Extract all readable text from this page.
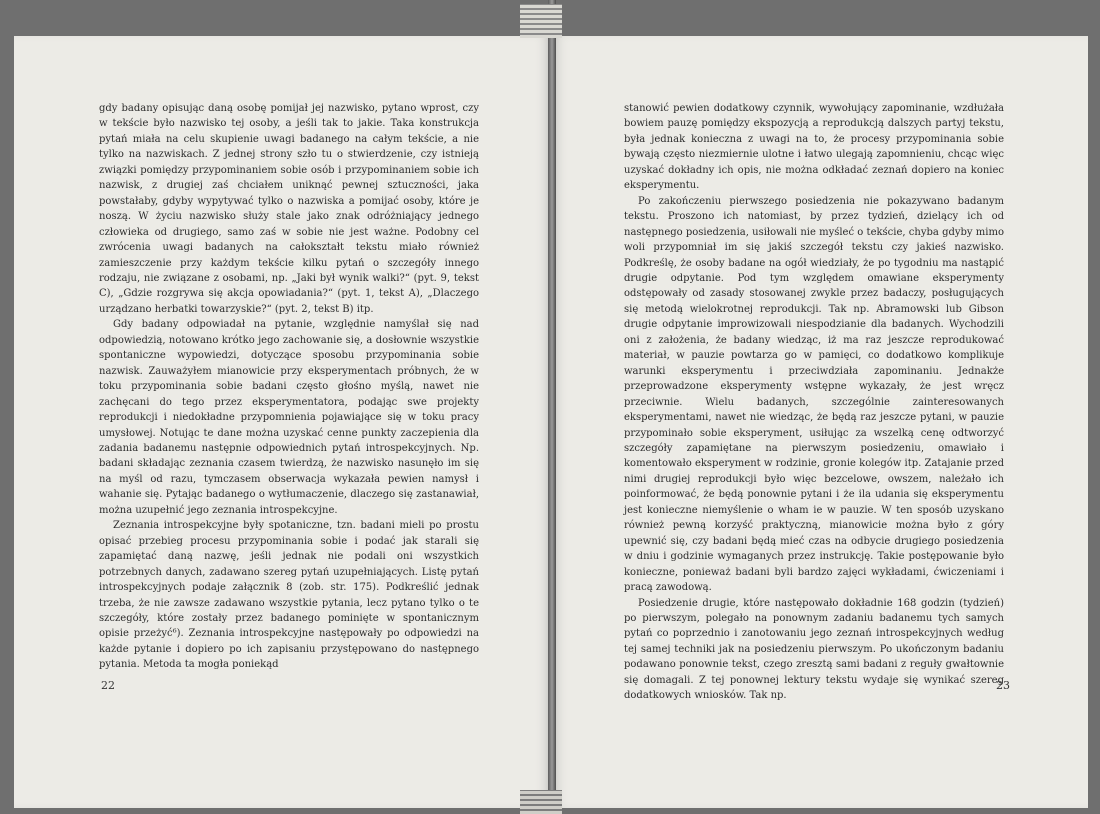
gdy badany opisując daną osobę pomijał jej nazwisko, pytano wprost, czy w tekście było nazwisko tej osoby, a jeśli tak to jakie. Taka konstrukcja pytań miała na celu skupienie uwagi badanego na całym tekście, a nie tylko na nazwiskach. Z jednej strony szło tu o stwierdzenie, czy istnieją związki pomiędzy przypominaniem sobie osób i przypominaniem sobie ich nazwisk, z drugiej zaś chciałem uniknąć pewnej sztuczności, jaka powstałaby, gdyby wypytywać tylko o nazwiska a pomijać osoby, które je noszą. W życiu nazwisko służy stale jako znak odróżniający jednego człowieka od drugiego, samo zaś w sobie nie jest ważne. Podobny cel zwrócenia uwagi badanych na całokształt tekstu miało również zamieszczenie przy każdym tekście kilku pytań o szczegóły innego rodzaju, nie związane z osobami, np. „Jaki był wynik walki?“ (pyt. 9, tekst C), „Gdzie rozgrywa się akcja opowiadania?“ (pyt. 1, tekst A), „Dlaczego urządzano herbatki towarzyskie?“ (pyt. 2, tekst B) itp.

Gdy badany odpowiadał na pytanie, względnie namyślał się nad odpowiedzią, notowano krótko jego zachowanie się, a dosłownie wszystkie spontaniczne wypowiedzi, dotyczące sposobu przypominania sobie nazwisk. Zauważyłem mianowicie przy eksperymentach próbnych, że w toku przypominania sobie badani często głośno myślą, nawet nie zachęcani do tego przez eksperymentatora, podając swe projekty reprodukcji i niedokładne przypomnienia pojawiające się w toku pracy umysłowej. Notując te dane można uzyskać cenne punkty zaczepienia dla zadania badanemu następnie odpowiednich pytań introspekcyjnych. Np. badani składając zeznania czasem twierdzą, że nazwisko nasunęło im się na myśl od razu, tymczasem obserwacja wykazała pewien namysł i wahanie się. Pytając badanego o wytłumaczenie, dlaczego się zastanawiał, można uzupełnić jego zeznania introspekcyjne.

Zeznania introspekcyjne były spotaniczne, tzn. badani mieli po prostu opisać przebieg procesu przypominania sobie i podać jak starali się zapamiętać daną nazwę, jeśli jednak nie podali oni wszystkich potrzebnych danych, zadawano szereg pytań uzupełniających. Listę pytań introspekcyjnych podaje załącznik 8 (zob. str. 175). Podkreślić jednak trzeba, że nie zawsze zadawano wszystkie pytania, lecz pytano tylko o te szczegóły, które zostały przez badanego pominięte w spontanicznym opisie przeżyć⁶). Zeznania introspekcyjne następowały po odpowiedzi na każde pytanie i dopiero po ich zapisaniu przystępowano do następnego pytania. Metoda ta mogła poniekąd

22

stanowić pewien dodatkowy czynnik, wywołujący zapominanie, wzdłużała bowiem pauzę pomiędzy ekspozycją a reprodukcją dalszych partyj tekstu, była jednak konieczna z uwagi na to, że procesy przypominania sobie bywają często niezmiernie ulotne i łatwo ulegają zapomnieniu, chcąc więc uzyskać dokładny ich opis, nie można odkładać zeznań dopiero na koniec eksperymentu.

Po zakończeniu pierwszego posiedzenia nie pokazywano badanym tekstu. Proszono ich natomiast, by przez tydzień, dzielący ich od następnego posiedzenia, usiłowali nie myśleć o tekście, chyba gdyby mimo woli przypomniał im się jakiś szczegół tekstu czy jakieś nazwisko. Podkreślę, że osoby badane na ogół wiedziały, że po tygodniu ma nastąpić drugie odpytanie. Pod tym względem omawiane eksperymenty odstępowały od zasady stosowanej zwykle przez badaczy, posługujących się metodą wielokrotnej reprodukcji. Tak np. Abramowski lub Gibson drugie odpytanie improwizowali niespodzianie dla badanych. Wychodzili oni z założenia, że badany wiedząc, iż ma raz jeszcze reprodukować materiał, w pauzie powtarza go w pamięci, co dodatkowo komplikuje warunki eksperymentu i przeciwdziała zapominaniu. Jednakże przeprowadzone eksperymenty wstępne wykazały, że jest wręcz przeciwnie. Wielu badanych, szczególnie zainteresowanych eksperymentami, nawet nie wiedząc, że będą raz jeszcze pytani, w pauzie przypominało sobie eksperyment, usiłując za wszelką cenę odtworzyć szczegóły zapamiętane na pierwszym posiedzeniu, omawiało i komentowało eksperyment w rodzinie, gronie kolegów itp. Zatajanie przed nimi drugiej reprodukcji było więc bezcelowe, owszem, należało ich poinformować, że będą ponownie pytani i że ila udania się eksperymentu jest konieczne niemyślenie o wham ie w pauzie. W ten sposób uzyskano również pewną korzyść praktyczną, mianowicie można było z góry upewnić się, czy badani będą mieć czas na odbycie drugiego posiedzenia w dniu i godzinie wymaganych przez instrukcję. Takie postępowanie było konieczne, ponieważ badani byli bardzo zajęci wykładami, ćwiczeniami i pracą zawodową.

Posiedzenie drugie, które następowało dokładnie 168 godzin (tydzień) po pierwszym, polegało na ponownym zadaniu badanemu tych samych pytań co poprzednio i zanotowaniu jego zeznań introspekcyjnych według tej samej techniki jak na posiedzeniu pierwszym. Po ukończonym badaniu podawano ponownie tekst, czego zresztą sami badani z reguły gwałtownie się domagali. Z tej ponownej lektury tekstu wydaje się wynikać szereg dodatkowych wniosków. Tak np.

23
